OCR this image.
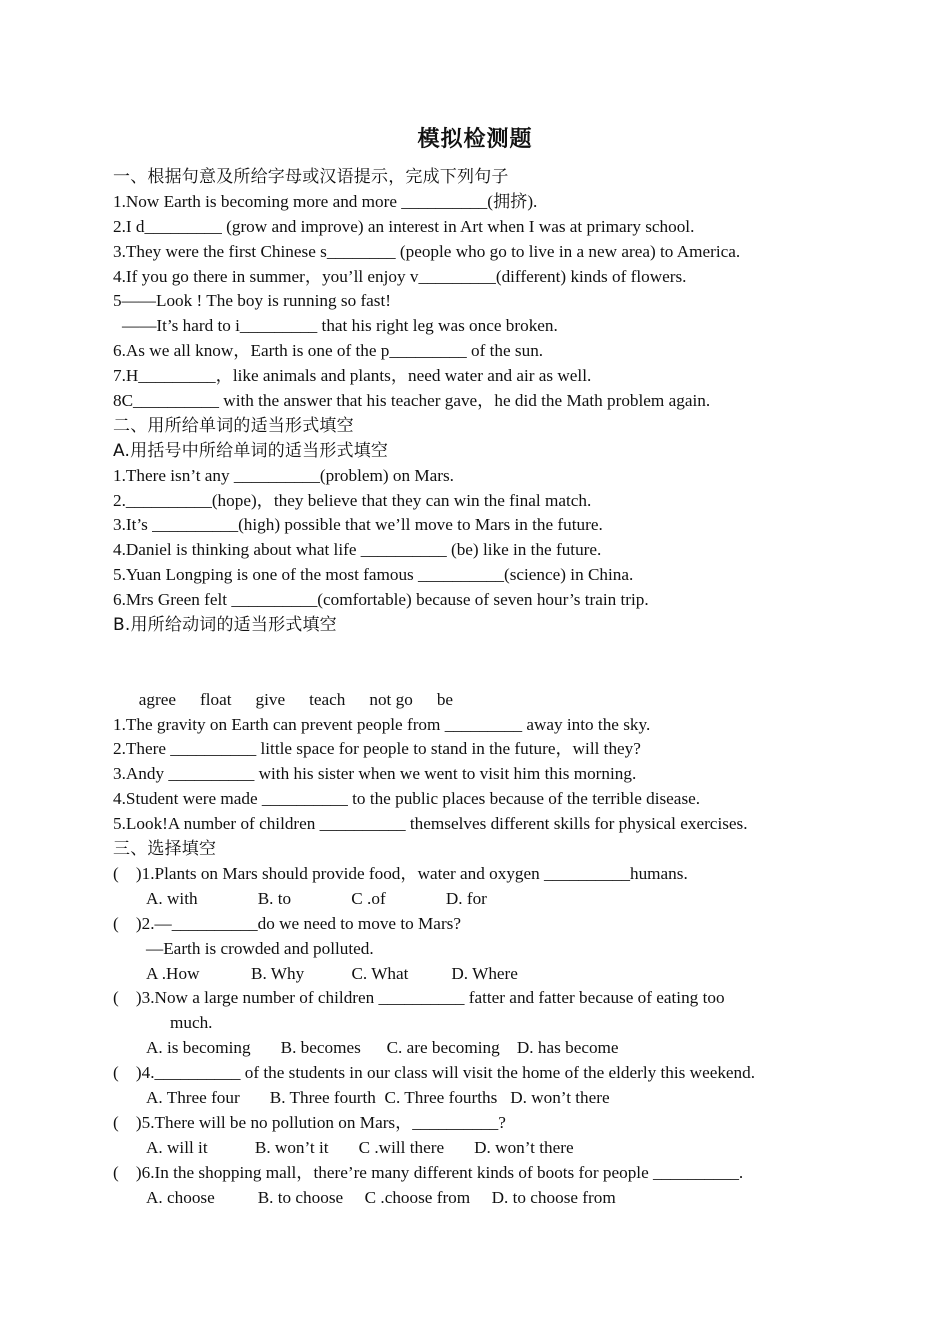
模拟检测题
一、根据句意及所给字母或汉语提示，完成下列句子
1.Now Earth is becoming more and more __________(拥挤).
2.I d_________ (grow and improve) an interest in Art when I was at primary school.
3.They were the first Chinese s________ (people who go to live in a new area) to America.
4.If you go there in summer，you’ll enjoy v_________(different) kinds of flowers.
5——Look ! The boy is running so fast!
——It’s hard to i_________ that his right leg was once broken.
6.As we all know，Earth is one of the p_________ of the sun.
7.H_________，like animals and plants，need water and air as well.
8C__________ with the answer that his teacher gave，he did the Math problem again.
二、用所给单词的适当形式填空
A.用括号中所给单词的适当形式填空
1.There isn’t any __________(problem) on Mars.
2.__________(hope)，they believe that they can win the final match.
3.It’s __________(high) possible that we’ll move to Mars in the future.
4.Daniel is thinking about what life __________ (be) like in the future.
5.Yuan Longping is one of the most famous __________(science) in China.
6.Mrs Green felt __________(comfortable) because of seven hour’s train trip.
B.用所给动词的适当形式填空

agree float give teach not go be

1.The gravity on Earth can prevent people from _________ away into the sky.
2.There __________ little space for people to stand in the future，will they?
3.Andy __________ with his sister when we went to visit him this morning.
4.Student were made __________ to the public places because of the terrible disease.
5.Look!A number of children __________ themselves different skills for physical exercises.
三、选择填空
(    )1.Plants on Mars should provide food，water and oxygen __________humans.
A. with              B. to              C .of              D. for
(    )2.—__________do we need to move to Mars?
—Earth is crowded and polluted.
A .How            B. Why           C. What          D. Where
(    )3.Now a large number of children __________ fatter and fatter because of eating too
much.
A. is becoming       B. becomes      C. are becoming    D. has become
(    )4.__________ of the students in our class will visit the home of the elderly this weekend.
A. Three four       B. Three fourth  C. Three fourths   D. won’t there
(    )5.There will be no pollution on Mars，__________?
A. will it           B. won’t it       C .will there       D. won’t there
(    )6.In the shopping mall，there’re many different kinds of boots for people __________.
A. choose          B. to choose     C .choose from     D. to choose from
